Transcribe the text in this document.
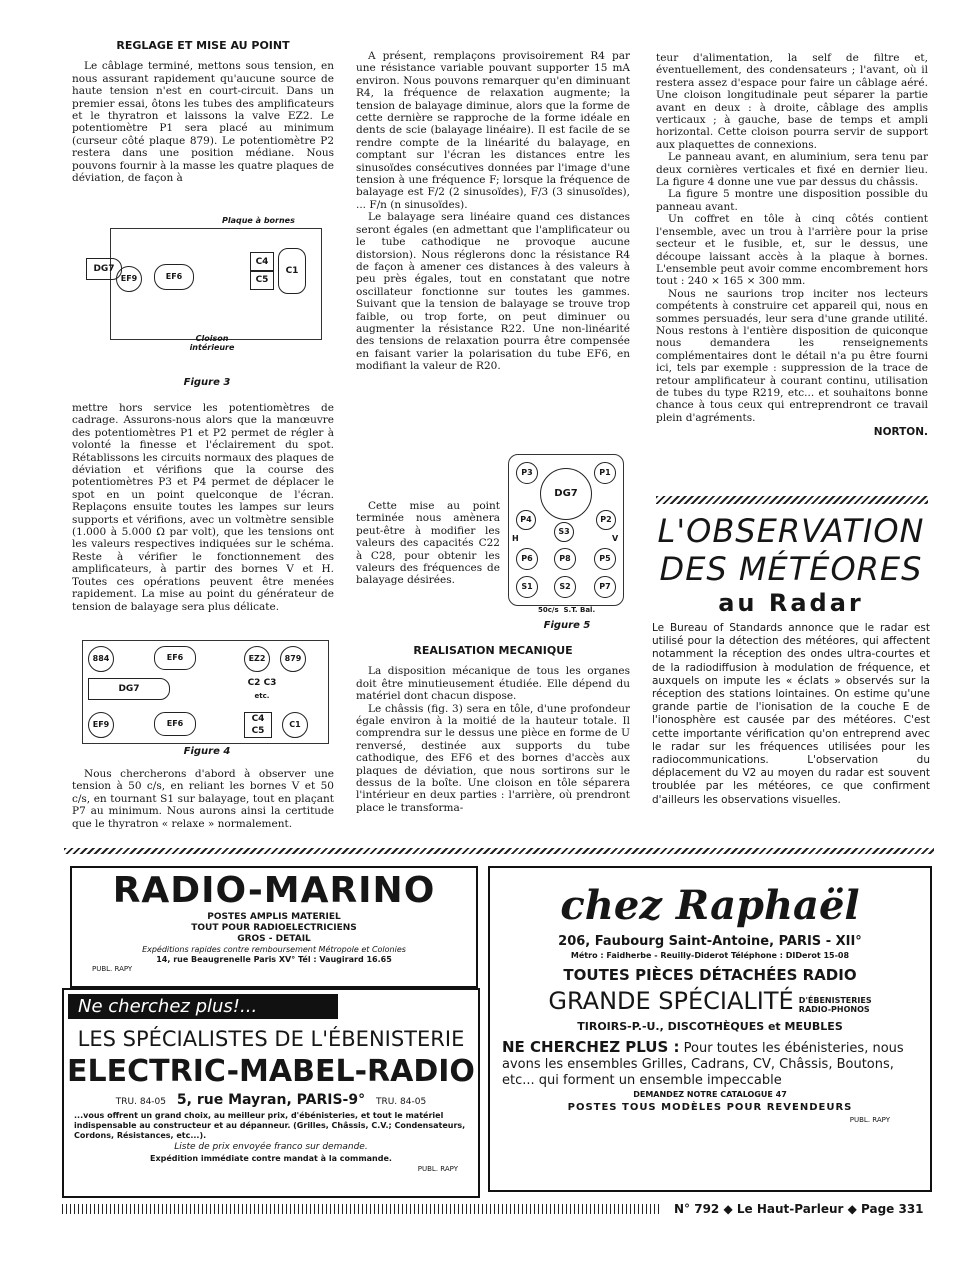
REGLAGE ET MISE AU POINT

Le câblage terminé, mettons sous tension, en nous assurant rapidement qu'aucune source de haute tension n'est en court-circuit. Dans un premier essai, ôtons les tubes des amplificateurs et le thyratron et laissons la valve EZ2. Le potentiomètre P1 sera placé au minimum (curseur côté plaque 879). Le potentiomètre P2 restera dans une position médiane. Nous pouvons fournir à la masse les quatre plaques de déviation, de façon à

Plaque à bornes
DG7
EF9	EF6
C4
C5
C1
Cloison intérieure
Figure 3

mettre hors service les potentiomètres de cadrage. Assurons-nous alors que la manœuvre des potentiomètres P1 et P2 permet de régler à volonté la finesse et l'éclairement du spot. Rétablissons les circuits normaux des plaques de déviation et vérifions que la course des potentiomètres P3 et P4 permet de déplacer le spot en un point quelconque de l'écran. Replaçons ensuite toutes les lampes sur leurs supports et vérifions, avec un voltmètre sensible (1.000 à 5.000 Ω par volt), que les tensions ont les valeurs respectives indiquées sur le schéma. Reste à vérifier le fonctionnement des amplificateurs, à partir des bornes V et H. Toutes ces opérations peuvent être menées rapidement. La mise au point du générateur de tension de balayage sera plus délicate.

884	EF6	EZ2	879
DG7
C2 C3
etc.
EF9	EF6	C4 C5
C1
Figure 4

Nous chercherons d'abord à observer une tension à 50 c/s, en reliant les bornes V et 50 c/s, en tournant S1 sur balayage, tout en plaçant P7 au minimum. Nous aurons ainsi la certitude que le thyratron « relaxe » normalement.

A présent, remplaçons provisoirement R4 par une résistance variable pouvant supporter 15 mA environ. Nous pouvons remarquer qu'en diminuant R4, la fréquence de relaxation augmente; la tension de balayage diminue, alors que la forme de cette dernière se rapproche de la forme idéale en dents de scie (balayage linéaire). Il est facile de se rendre compte de la linéarité du balayage, en comptant sur l'écran les distances entre les sinusoïdes consécutives données par l'image d'une tension à une fréquence F; lorsque la fréquence de balayage est F/2 (2 sinusoïdes), F/3 (3 sinusoïdes), ... F/n (n sinusoïdes).

Le balayage sera linéaire quand ces distances seront égales (en admettant que l'amplificateur ou le tube cathodique ne provoque aucune distorsion). Nous réglerons donc la résistance R4 de façon à amener ces distances à des valeurs à peu près égales, tout en constatant que notre oscillateur fonctionne sur toutes les gammes. Suivant que la tension de balayage se trouve trop faible, ou trop forte, on peut diminuer ou augmenter la résistance R22. Une non-linéarité des tensions de relaxation pourra être compensée en faisant varier la polarisation du tube EF6, en modifiant la valeur de R20.

P3
DG7
P1
P4
S3
P2
H	V
P6	P8	P5
S1	S2	P7
50c/s  S.T. Bal.
Figure 5

Cette mise au point terminée nous amènera peut-être à modifier les valeurs des capacités C22 à C28, pour obtenir les valeurs des fréquences de balayage désirées.

REALISATION MECANIQUE

La disposition mécanique de tous les organes doit être minutieusement étudiée. Elle dépend du matériel dont chacun dispose.

Le châssis (fig. 3) sera en tôle, d'une profondeur égale environ à la moitié de la hauteur totale. Il comprendra sur le dessus une pièce en forme de U renversé, destinée aux supports du tube cathodique, des EF6 et des bornes d'accès aux plaques de déviation, que nous sortirons sur le dessus de la boîte. Une cloison en tôle séparera l'intérieur en deux parties : l'arrière, où prendront place le transforma-

teur d'alimentation, la self de filtre et, éventuellement, des condensateurs ; l'avant, où il restera assez d'espace pour faire un câblage aéré. Une cloison longitudinale peut séparer la partie avant en deux : à droite, câblage des amplis verticaux ; à gauche, base de temps et ampli horizontal. Cette cloison pourra servir de support aux plaquettes de connexions.

Le panneau avant, en aluminium, sera tenu par deux cornières verticales et fixé en dernier lieu. La figure 4 donne une vue par dessus du châssis.

La figure 5 montre une disposition possible du panneau avant.

Un coffret en tôle à cinq côtés contient l'ensemble, avec un trou à l'arrière pour la prise secteur et le fusible, et, sur le dessus, une découpe laissant accès à la plaque à bornes. L'ensemble peut avoir comme encombrement hors tout : 240 × 165 × 300 mm.

Nous ne saurions trop inciter nos lecteurs compétents à construire cet appareil qui, nous en sommes persuadés, leur sera d'une grande utilité. Nous restons à l'entière disposition de quiconque nous demandera les renseignements complémentaires dont le détail n'a pu être fourni ici, tels par exemple : suppression de la trace de retour amplificateur à courant continu, utilisation de tubes du type R219, etc... et souhaitons bonne chance à tous ceux qui entreprendront ce travail plein d'agréments.

NORTON.
L'OBSERVATION
DES MÉTÉORES
au Radar
Le Bureau of Standards annonce que le radar est utilisé pour la détection des météores, qui affectent notamment la réception des ondes ultra-courtes et de la radiodiffusion à modulation de fréquence, et auxquels on impute les « éclats » observés sur la réception des stations lointaines. On estime qu'une grande partie de l'ionisation de la couche E de l'ionosphère est causée par des météores. C'est cette importante vérification qu'on entreprend avec le radar sur les fréquences utilisées pour les radiocommunications. L'observation du déplacement du V2 au moyen du radar est souvent troublée par les météores, ce que confirment d'ailleurs les observations visuelles.
RADIO-MARINO
POSTES AMPLIS MATERIEL
TOUT POUR RADIOELECTRICIENS
GROS - DETAIL
Expéditions rapides contre remboursement Métropole et Colonies
14, rue Beaugrenelle Paris XV° Tél : Vaugirard 16.65
PUBL. RAPY
Ne cherchez plus!...
LES SPÉCIALISTES DE L'ÉBENISTERIE
ELECTRIC-MABEL-RADIO
TRU. 84-05 5, rue Mayran, PARIS-9° TRU. 84-05
...vous offrent un grand choix, au meilleur prix, d'ébénisteries, et tout le matériel indispensable au constructeur et au dépanneur. (Grilles, Châssis, C.V.; Condensateurs, Cordons, Résistances, etc...).
Liste de prix envoyée franco sur demande.
Expédition immédiate contre mandat à la commande.
PUBL. RAPY
chez Raphaël
206, Faubourg Saint-Antoine, PARIS - XII°
Métro : Faidherbe - Reuilly-Diderot Téléphone : DIDerot 15-08
TOUTES PIÈCES DÉTACHÉES RADIO
GRANDE SPÉCIALITÉ D'ÉBENISTERIES
RADIO-PHONOS
TIROIRS-P.-U., DISCOTHÈQUES et MEUBLES
NE CHERCHEZ PLUS : Pour toutes les ébénisteries, nous avons les ensembles Grilles, Cadrans, CV, Châssis, Boutons, etc... qui forment un ensemble impeccable
DEMANDEZ NOTRE CATALOGUE 47
POSTES TOUS MODÈLES POUR REVENDEURS
PUBL. RAPY
N° 792 ◆ Le Haut-Parleur ◆ Page 331
